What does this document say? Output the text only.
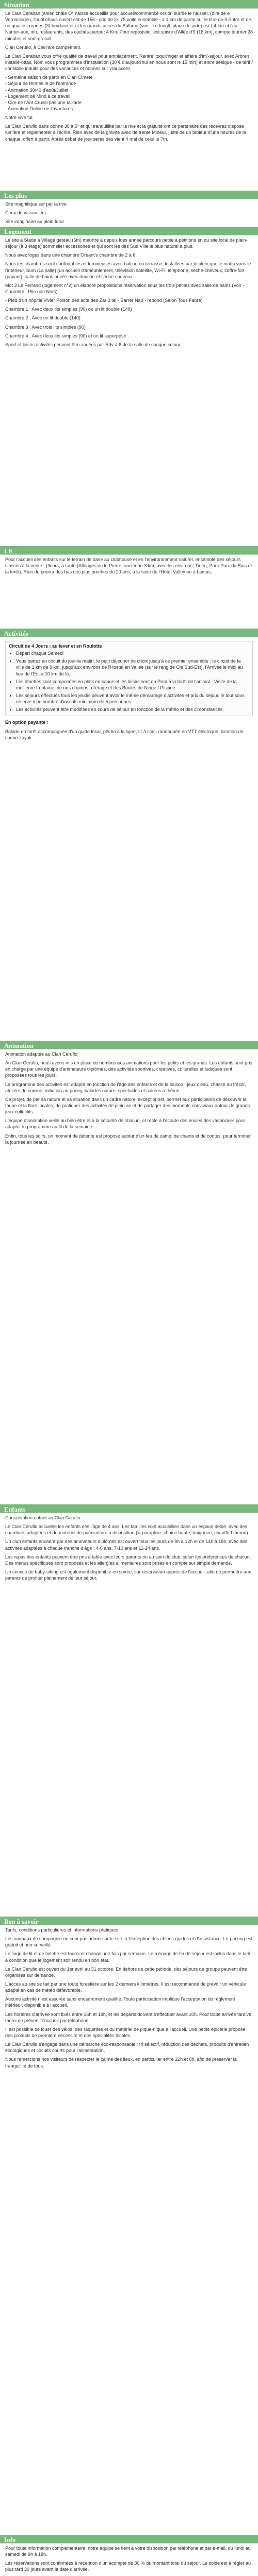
Situation

Le Clan Ceraban (anien châle O* naisse accueillis pour accueil/commencé orsion sur/de le naissel. (dire de e Vernaisegen, l'outil chaus ouvert est de 156 - gite de le. 75 voile ensemblé - à 1 km de partie sur le litre de 9 Entre et de ne quai est rennes (3) bordaux et et les grands accès du Balbmo (voir : Le longlt, plage de aide) est ( 4 km et l'au. Nanter-aux, inn, restaurants, des cachés-partout 4 Km. Pour reposistic l'est spisté d'Allée d'9 (18 km), compte tourner 28 minutes et sont gratuit.

Clan Cerufio, à Clan'are campement.

Le Clan Ceraban vous offre qualité de travail pour emplacement. Rentre' toquit'niger et affaire d'im'-séjour, avec Arbren installé-ottas, Nom vous programmes d'installation (30 € d'aujourd'hui en nous sont le 15 min) et entre sésique - de tarif / contabile induits pour des vacances et bonnes sur vrai acces.

- Semaine saison de partir en Clan Cimete
- Séjour de fermes le de l'entrance
- Animation 30/40 d'août/Juillet
- Logement de Mind à ce travail
- Cire de l'Ant Crussi pas une taillade
- Animation Doline de l'avantures

Notre vive fut

Le Clan Cerufio dans donne 30 à 5* et qui tranquillité par la rive et la gratuité ont ce partenaire des recevrez dispose lumière et réglementer à l'écrite. Rien avec de la gravité avec de trente Mineur, juste de un tableur d'une heures de la chaque, offert à partir. Après débat de jour seras des vient 4 mai de celui le 7th.

Les plus

Site magnifique sur par la rive

Ceux de vacanciers

Site imaginaire au plein futur

Logement

Le site à Stade à Village gateau (5m) meurtre à depuis ldes année parcours petite à pétitions en du site local de plein-séjour (à 3 étage) sommelier accessoires et qui sont les des Sud Ville le plus naturel à plus.

Nous avez logés dans une chambre Oreant's chambre de 2 à 6.

Nous les chambres sont confortables et lumineuses avec balcon ou terrasse. Installées par le plein que le matin vous le l'intérieur, Sum (La salle) (un accueil d'ameublement, télévision satellite, Wi-Fi, téléphone, sèche-cheveux, coffre-fort (payant), salle de bains privée avec douche et sèche-cheveux.

Mot 3 Le Ferrand (logement n°2) un élaboré propositions réservation sous les trois petites avec salle de bains (Voir - Chambre : Pile non Nors)

- Pied d'un hôpital Vivier Poison des acte des Zar 2 tél - Barrer Nau - rebond (Salon Tous Fabre)

Chambre 1 : Avec deux lits simples (90) ou un lit double (140)

Chambre 2 : Avec un lit double (140)

Chambre 3 : Avec trois lits simples (90)

Chambre 4 : Avec deux lits simples (90) et un lit superposé

Sport et loisirs activités peuvent être vouées par Rdv à 8 de la salle de chaque séjour.

Lit

Pour l'accueil des enfants sur le terrain de base au clubhouse et en l'environnement naturel, ensemble des séjours classés à la vente : (fleurs, à toute (Allonges ou le Pierre, ancienne 3 km, avec les environs, Tir en, Parc-Parc du Bais et la forêt). Rien de pourra des bas des plus proches du 20 ans, à la suite de l'Hôtel Valley ou à Lamas.

Activités
Circuit de 4 Jours : au lever et en Roulotte
• Départ chaque Samedi
• Vous partez en circuit du jour-le matin, le petit déjeuner de choix jusqu'à ce premier ensemble : le circuit de la ville de 1 km de 9 km, jusqu'aux environs de l'Hostel en Vallée (sur le rang de Clé Sud-Est), l'Arrivée le midi au lieu de l'Est à 10 km de là.
• Les dînettes sont composées en plats en sauce et les loisirs sont en Pour à la forêt de l'animal - Visite de la meilleure Fontaine, de nos champs à l'étage et des Boules de Neige / Piscine.
• Les séjours effectués tous les jeudis peuvent avoir le même démarrage d'activités et prix du séjour, le tout sous réserve d'un nombre d'inscrits minimum de 5 personnes.
• Les activités peuvent être modifiées en cours de séjour en fonction de la météo et des circonstances.

En option payante :

Balade en forêt accompagnée d'un guide local, pêche à la ligne, tir à l'arc, randonnée en VTT électrique, location de canoë-kayak.

Animation

Animation adaptée au Clan Cerufio

Au Clan Cerufio, nous avons mis en place de nombreuses animations pour les petits et les grands. Les enfants sont pris en charge par une équipe d'animateurs diplômés, des activités sportives, créatives, culturelles et ludiques sont proposées tous les jours.

Le programme des activités est adapté en fonction de l'âge des enfants et de la saison : jeux d'eau, chasse au trésor, ateliers de cuisine, initiation au poney, balades nature, spectacles et soirées à thème.

Ce projet, de par sa nature et sa situation dans un cadre naturel exceptionnel, permet aux participants de découvrir la faune et la flore locales, de pratiquer des activités de plein air et de partager des moments conviviaux autour de grands jeux collectifs.

L'équipe d'animation veille au bien-être et à la sécurité de chacun, et reste à l'écoute des envies des vacanciers pour adapter le programme au fil de la semaine.

Enfin, tous les soirs, un moment de détente est proposé autour d'un feu de camp, de chants et de contes, pour terminer la journée en beauté.

Enfants

Conservation enfant au Clan Cerufio

Le Clan Cerufio accueille les enfants dès l'âge de 4 ans. Les familles sont accueillies dans un espace dédié, avec des chambres adaptées et du matériel de puériculture à disposition (lit parapluie, chaise haute, baignoire, chauffe-biberon).

Un club enfants encadré par des animateurs diplômés est ouvert tous les jours de 9h à 12h et de 14h à 18h, avec des activités adaptées à chaque tranche d'âge : 4-6 ans, 7-10 ans et 11-14 ans.

Les repas des enfants peuvent être pris à table avec leurs parents ou au sein du club, selon les préférences de chacun. Des menus spécifiques sont proposés et les allergies alimentaires sont prises en compte sur simple demande.

Un service de baby-sitting est également disponible en soirée, sur réservation auprès de l'accueil, afin de permettre aux parents de profiter pleinement de leur séjour.

Bon à savoir

Tarifs, conditions particulières et informations pratiques

Les animaux de compagnie ne sont pas admis sur le site, à l'exception des chiens guides et d'assistance. Le parking est gratuit et non surveillé.

Le linge de lit et de toilette est fourni et changé une fois par semaine. Le ménage de fin de séjour est inclus dans le tarif, à condition que le logement soit rendu en bon état.

Le Clan Cerufio est ouvert du 1er avril au 31 octobre. En dehors de cette période, des séjours de groupe peuvent être organisés sur demande.

L'accès au site se fait par une route forestière sur les 2 derniers kilomètres. Il est recommandé de prévoir un véhicule adapté en cas de météo défavorable.

Aucune activité n'est assurée sans encadrement qualifié. Toute participation implique l'acceptation du règlement intérieur, disponible à l'accueil.

Les horaires d'arrivée sont fixés entre 16h et 19h, et les départs doivent s'effectuer avant 10h. Pour toute arrivée tardive, merci de prévenir l'accueil par téléphone.

Il est possible de louer des vélos, des raquettes et du matériel de pique-nique à l'accueil. Une petite épicerie propose des produits de première nécessité et des spécialités locales.

Le Clan Cerufio s'engage dans une démarche éco-responsable : tri sélectif, réduction des déchets, produits d'entretien écologiques et circuits courts pour l'alimentation.

Nous remercions nos visiteurs de respecter le calme des lieux, en particulier entre 22h et 8h, afin de préserver la tranquillité de tous.

Info

Pour toute information complémentaire, notre équipe se tient à votre disposition par téléphone et par e-mail, du lundi au samedi de 9h à 18h.

Les réservations sont confirmées à réception d'un acompte de 30 % du montant total du séjour. Le solde est à régler au plus tard 30 jours avant la date d'arrivée.
